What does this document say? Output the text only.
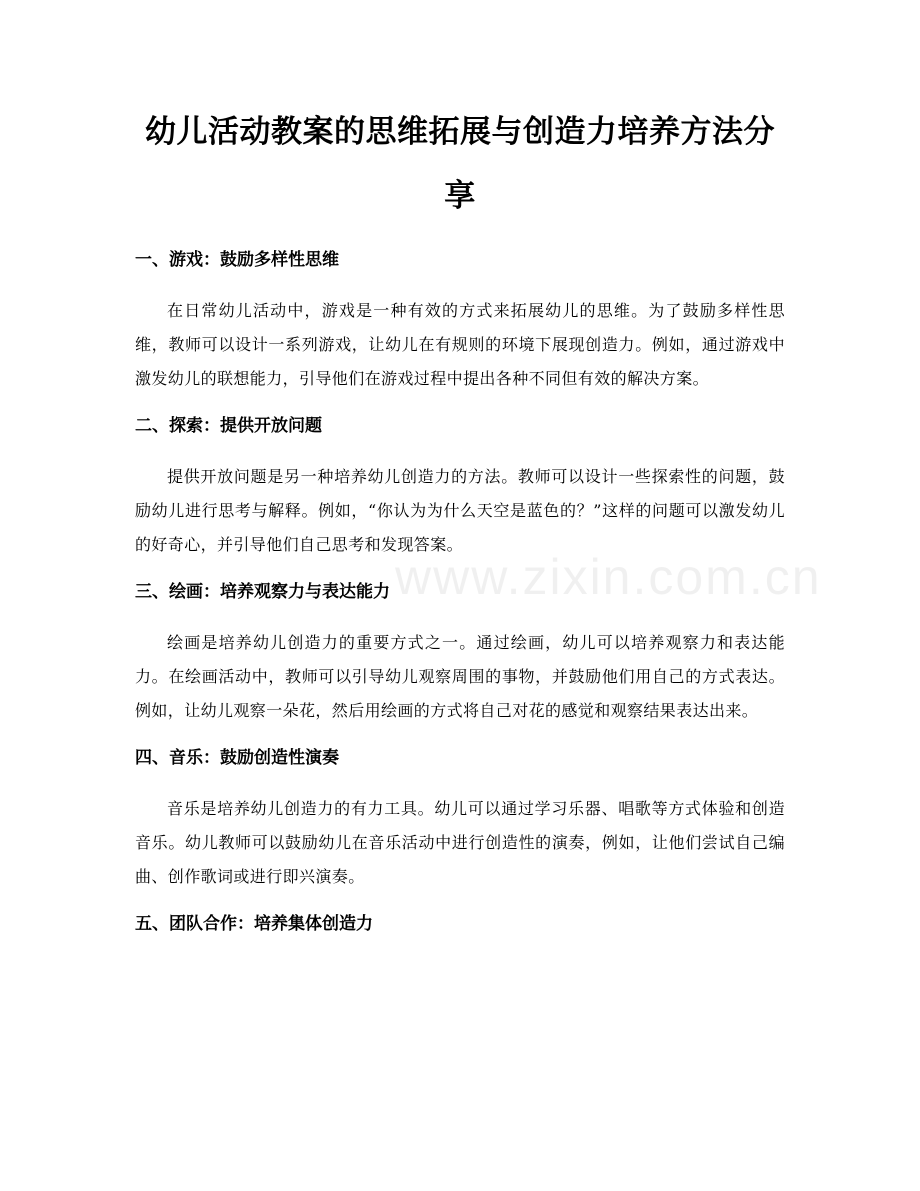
幼儿活动教案的思维拓展与创造力培养方法分享
一、游戏：鼓励多样性思维

在日常幼儿活动中，游戏是一种有效的方式来拓展幼儿的思维。为了鼓励多样性思维，教师可以设计一系列游戏，让幼儿在有规则的环境下展现创造力。例如，通过游戏中激发幼儿的联想能力，引导他们在游戏过程中提出各种不同但有效的解决方案。

二、探索：提供开放问题

提供开放问题是另一种培养幼儿创造力的方法。教师可以设计一些探索性的问题，鼓励幼儿进行思考与解释。例如，“你认为为什么天空是蓝色的？”这样的问题可以激发幼儿的好奇心，并引导他们自己思考和发现答案。

三、绘画：培养观察力与表达能力

绘画是培养幼儿创造力的重要方式之一。通过绘画，幼儿可以培养观察力和表达能力。在绘画活动中，教师可以引导幼儿观察周围的事物，并鼓励他们用自己的方式表达。例如，让幼儿观察一朵花，然后用绘画的方式将自己对花的感觉和观察结果表达出来。

四、音乐：鼓励创造性演奏

音乐是培养幼儿创造力的有力工具。幼儿可以通过学习乐器、唱歌等方式体验和创造音乐。幼儿教师可以鼓励幼儿在音乐活动中进行创造性的演奏，例如，让他们尝试自己编曲、创作歌词或进行即兴演奏。

五、团队合作：培养集体创造力
www.zixin.com.cn
